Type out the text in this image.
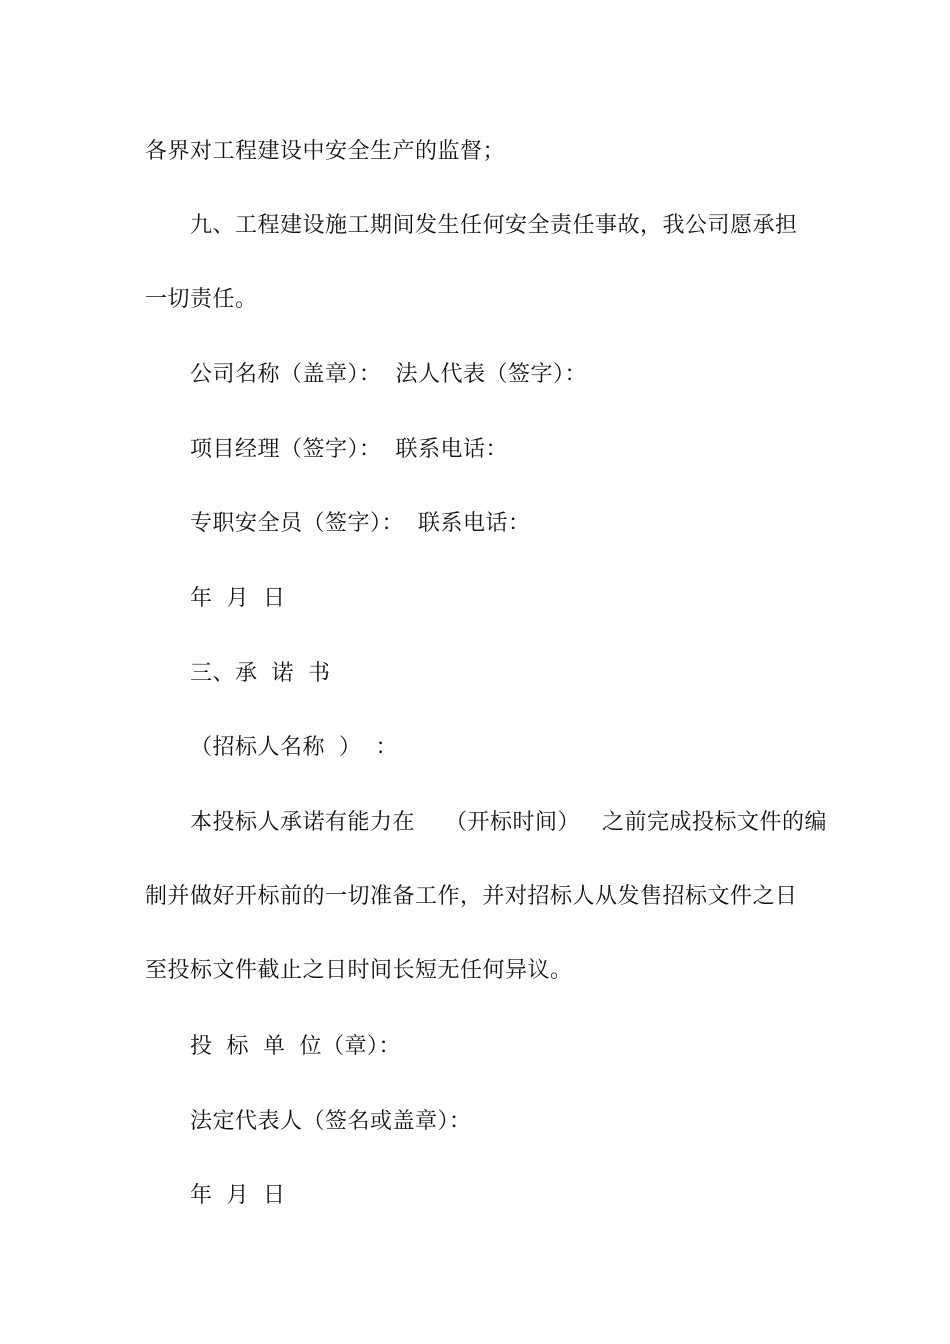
各界对工程建设中安全生产的监督；
九、工程建设施工期间发生任何安全责任事故，我公司愿承担
一切责任。
公司名称（盖章）： 法人代表（签字）：
项目经理（签字）： 联系电话：
专职安全员（签字）： 联系电话：
年 月 日
三、承 诺 书
（招标人名称 ） ：
本投标人承诺有能力在 （开标时间） 之前完成投标文件的编
制并做好开标前的一切准备工作，并对招标人从发售招标文件之日
至投标文件截止之日时间长短无任何异议。
投 标 单 位（章）：
法定代表人（签名或盖章）：
年 月 日
